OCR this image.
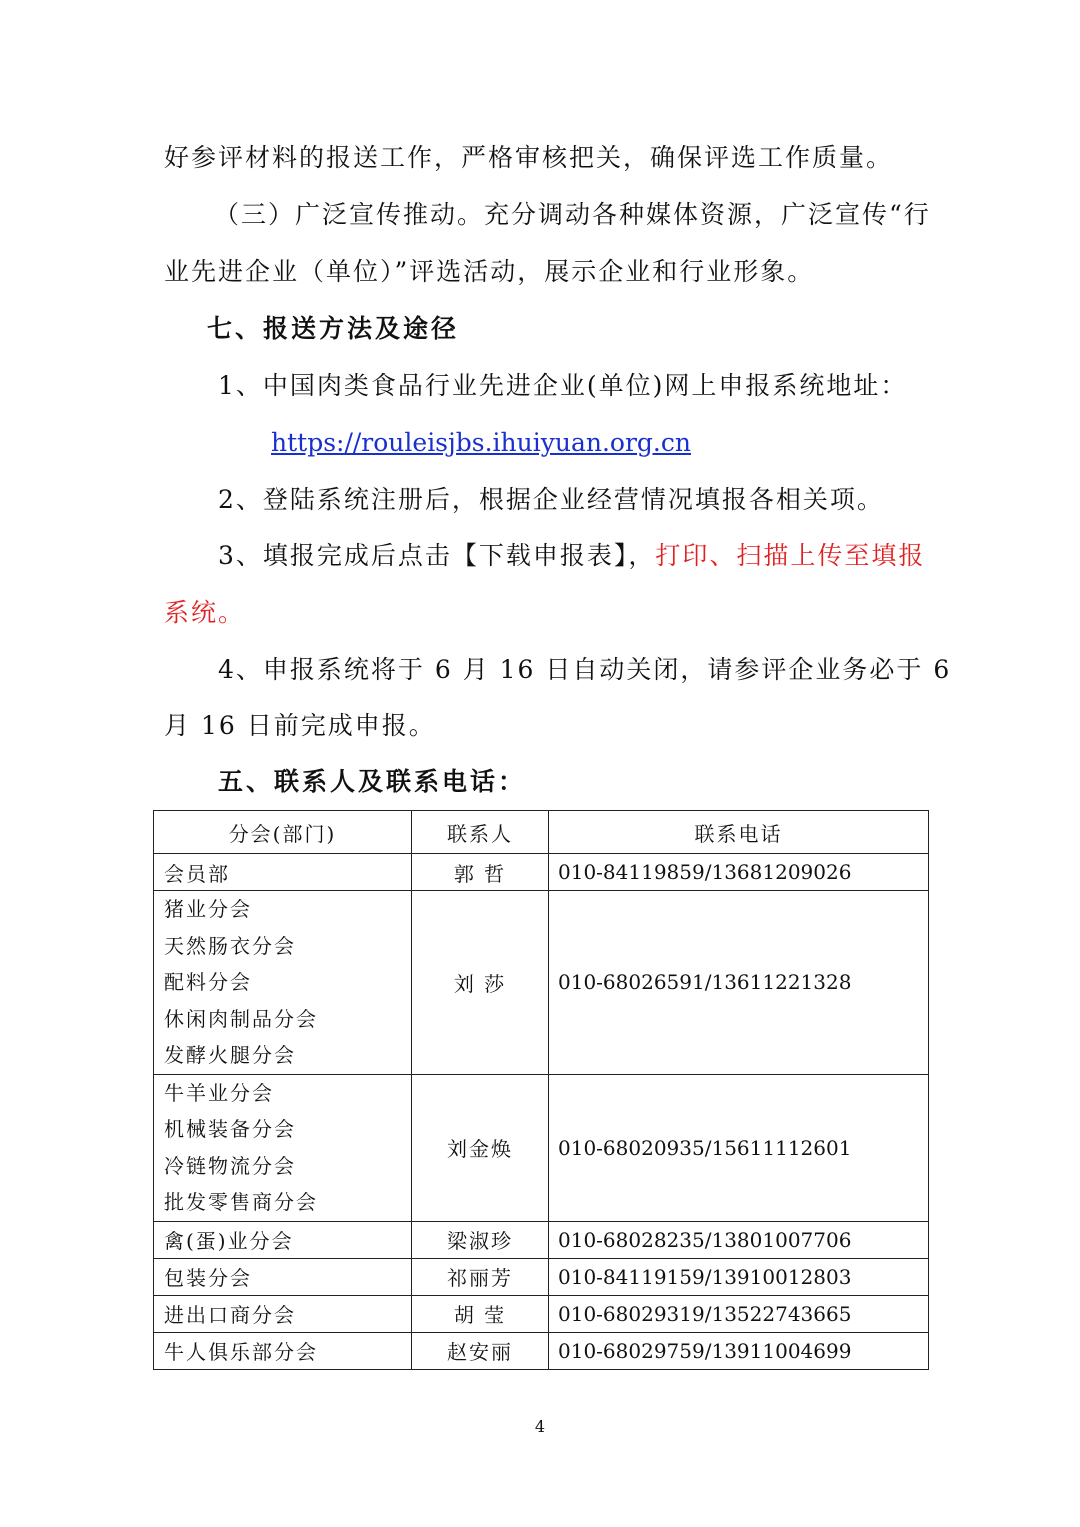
好参评材料的报送工作，严格审核把关，确保评选工作质量。
（三）广泛宣传推动。充分调动各种媒体资源，广泛宣传“行
业先进企业（单位）”评选活动，展示企业和行业形象。
七、报送方法及途径
1、中国肉类食品行业先进企业(单位)网上申报系统地址：
https://rouleisjbs.ihuiyuan.org.cn
2、登陆系统注册后，根据企业经营情况填报各相关项。
3、填报完成后点击【下载申报表】，打印、扫描上传至填报
系统。
4、申报系统将于 6 月 16 日自动关闭，请参评企业务必于 6
月 16 日前完成申报。
五、联系人及联系电话：
分会(部门)	联系人	联系电话
会员部	郭 哲	010-84119859/13681209026

猪业分会
天然肠衣分会
配料分会
休闲肉制品分会
发酵火腿分会	刘 莎	010-68026591/13611221328

牛羊业分会
机械装备分会
冷链物流分会
批发零售商分会	刘金焕	010-68020935/15611112601
禽(蛋)业分会	梁淑珍	010-68028235/13801007706
包装分会	祁丽芳	010-84119159/13910012803
进出口商分会	胡 莹	010-68029319/13522743665
牛人俱乐部分会	赵安丽	010-68029759/13911004699
4
